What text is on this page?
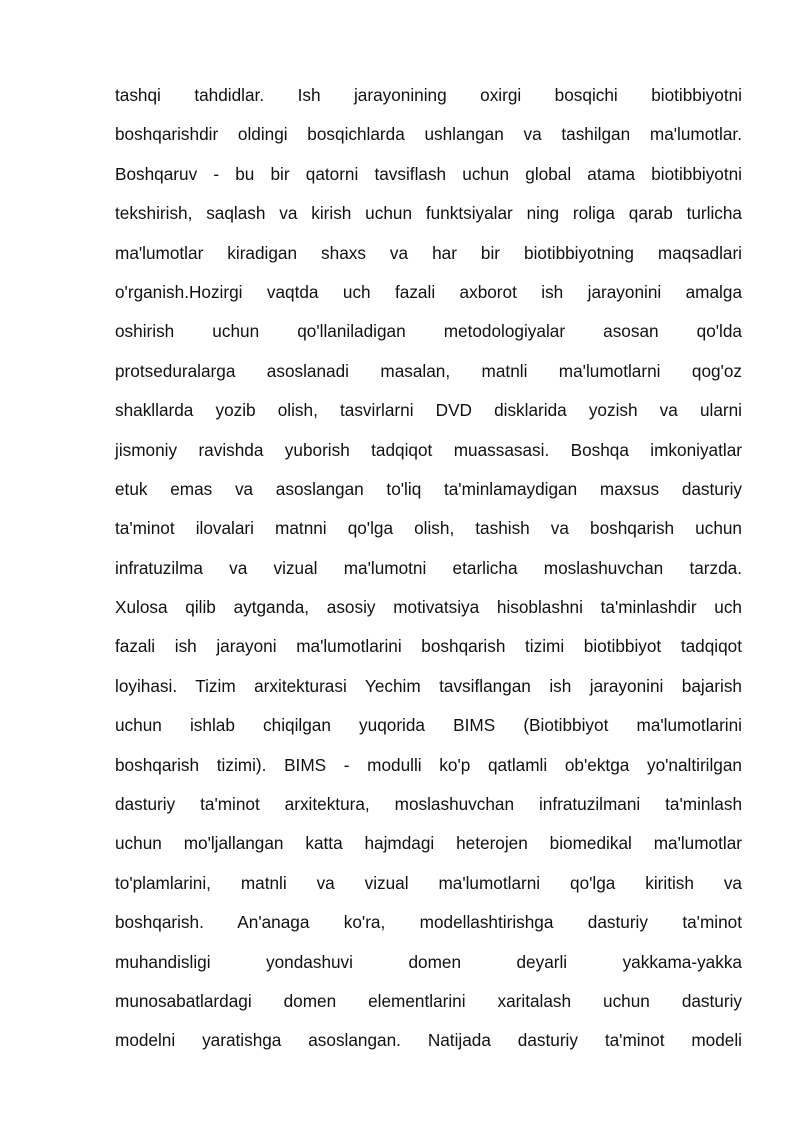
tashqi tahdidlar. Ish jarayonining oxirgi bosqichi biotibbiyotni
boshqarishdir oldingi bosqichlarda ushlangan va tashilgan ma'lumotlar.
Boshqaruv - bu bir qatorni tavsiflash uchun global atama biotibbiyotni
tekshirish, saqlash va kirish uchun funktsiyalar ning roliga qarab turlicha
ma'lumotlar kiradigan shaxs va har bir biotibbiyotning maqsadlari
o'rganish.Hozirgi vaqtda uch fazali axborot ish jarayonini amalga
oshirish uchun qo'llaniladigan metodologiyalar asosan qo'lda
protseduralarga asoslanadi masalan, matnli ma'lumotlarni qog'oz
shakllarda yozib olish, tasvirlarni DVD disklarida yozish va ularni
jismoniy ravishda yuborish tadqiqot muassasasi. Boshqa imkoniyatlar
etuk emas va asoslangan to'liq ta'minlamaydigan maxsus dasturiy
ta'minot ilovalari matnni qo'lga olish, tashish va boshqarish uchun
infratuzilma va vizual ma'lumotni etarlicha moslashuvchan tarzda.
Xulosa qilib aytganda, asosiy motivatsiya hisoblashni ta'minlashdir uch
fazali ish jarayoni ma'lumotlarini boshqarish tizimi biotibbiyot tadqiqot
loyihasi. Tizim arxitekturasi Yechim tavsiflangan ish jarayonini bajarish
uchun ishlab chiqilgan yuqorida BIMS (Biotibbiyot ma'lumotlarini
boshqarish tizimi). BIMS - modulli ko'p qatlamli ob'ektga yo'naltirilgan
dasturiy ta'minot arxitektura, moslashuvchan infratuzilmani ta'minlash
uchun mo'ljallangan katta hajmdagi heterojen biomedikal ma'lumotlar
to'plamlarini, matnli va vizual ma'lumotlarni qo'lga kiritish va
boshqarish. An'anaga ko'ra, modellashtirishga dasturiy ta'minot
muhandisligi yondashuvi domen deyarli yakkama-yakka
munosabatlardagi domen elementlarini xaritalash uchun dasturiy
modelni yaratishga asoslangan. Natijada dasturiy ta'minot modeli
